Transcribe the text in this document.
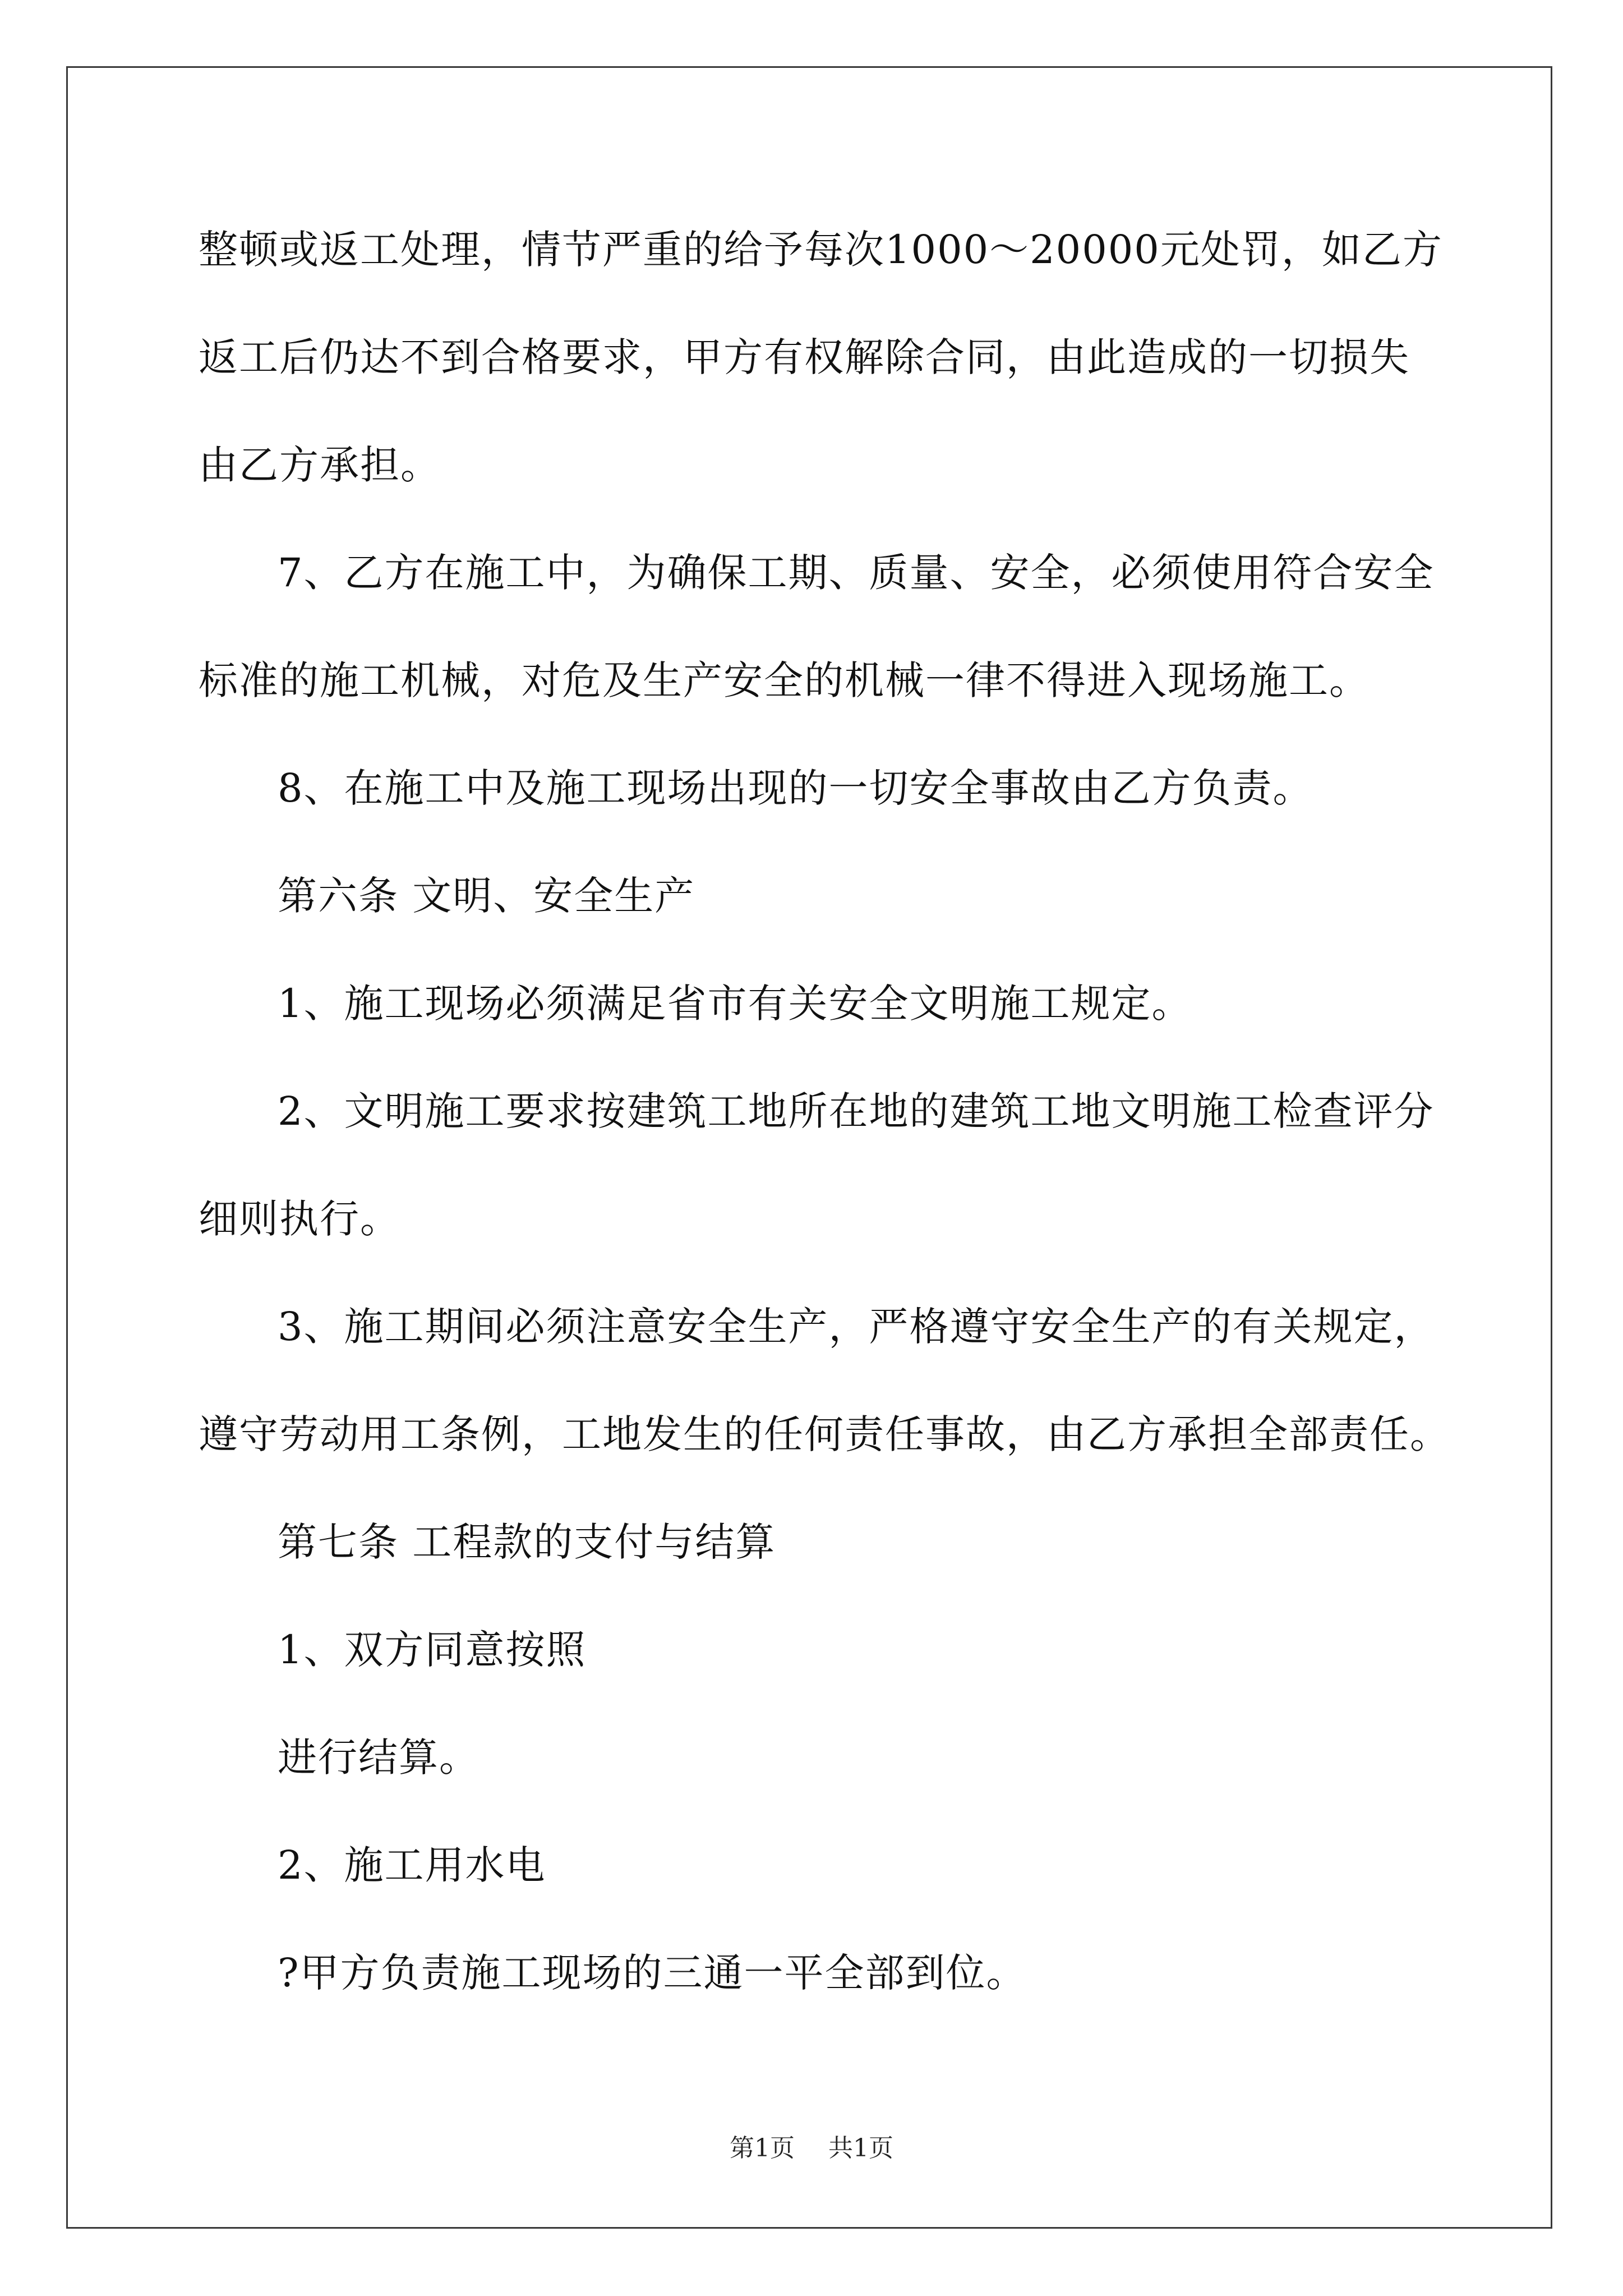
整顿或返工处理，情节严重的给予每次1000～20000元处罚，如乙方
返工后仍达不到合格要求，甲方有权解除合同，由此造成的一切损失
由乙方承担。
7、乙方在施工中，为确保工期、质量、安全，必须使用符合安全
标准的施工机械，对危及生产安全的机械一律不得进入现场施工。
8、在施工中及施工现场出现的一切安全事故由乙方负责。
第六条 文明、安全生产
1、施工现场必须满足省市有关安全文明施工规定。
2、文明施工要求按建筑工地所在地的建筑工地文明施工检查评分
细则执行。
3、施工期间必须注意安全生产，严格遵守安全生产的有关规定，
遵守劳动用工条例，工地发生的任何责任事故，由乙方承担全部责任。
第七条 工程款的支付与结算
1、双方同意按照
进行结算。
2、施工用水电
?甲方负责施工现场的三通一平全部到位。
第1页 共1页
